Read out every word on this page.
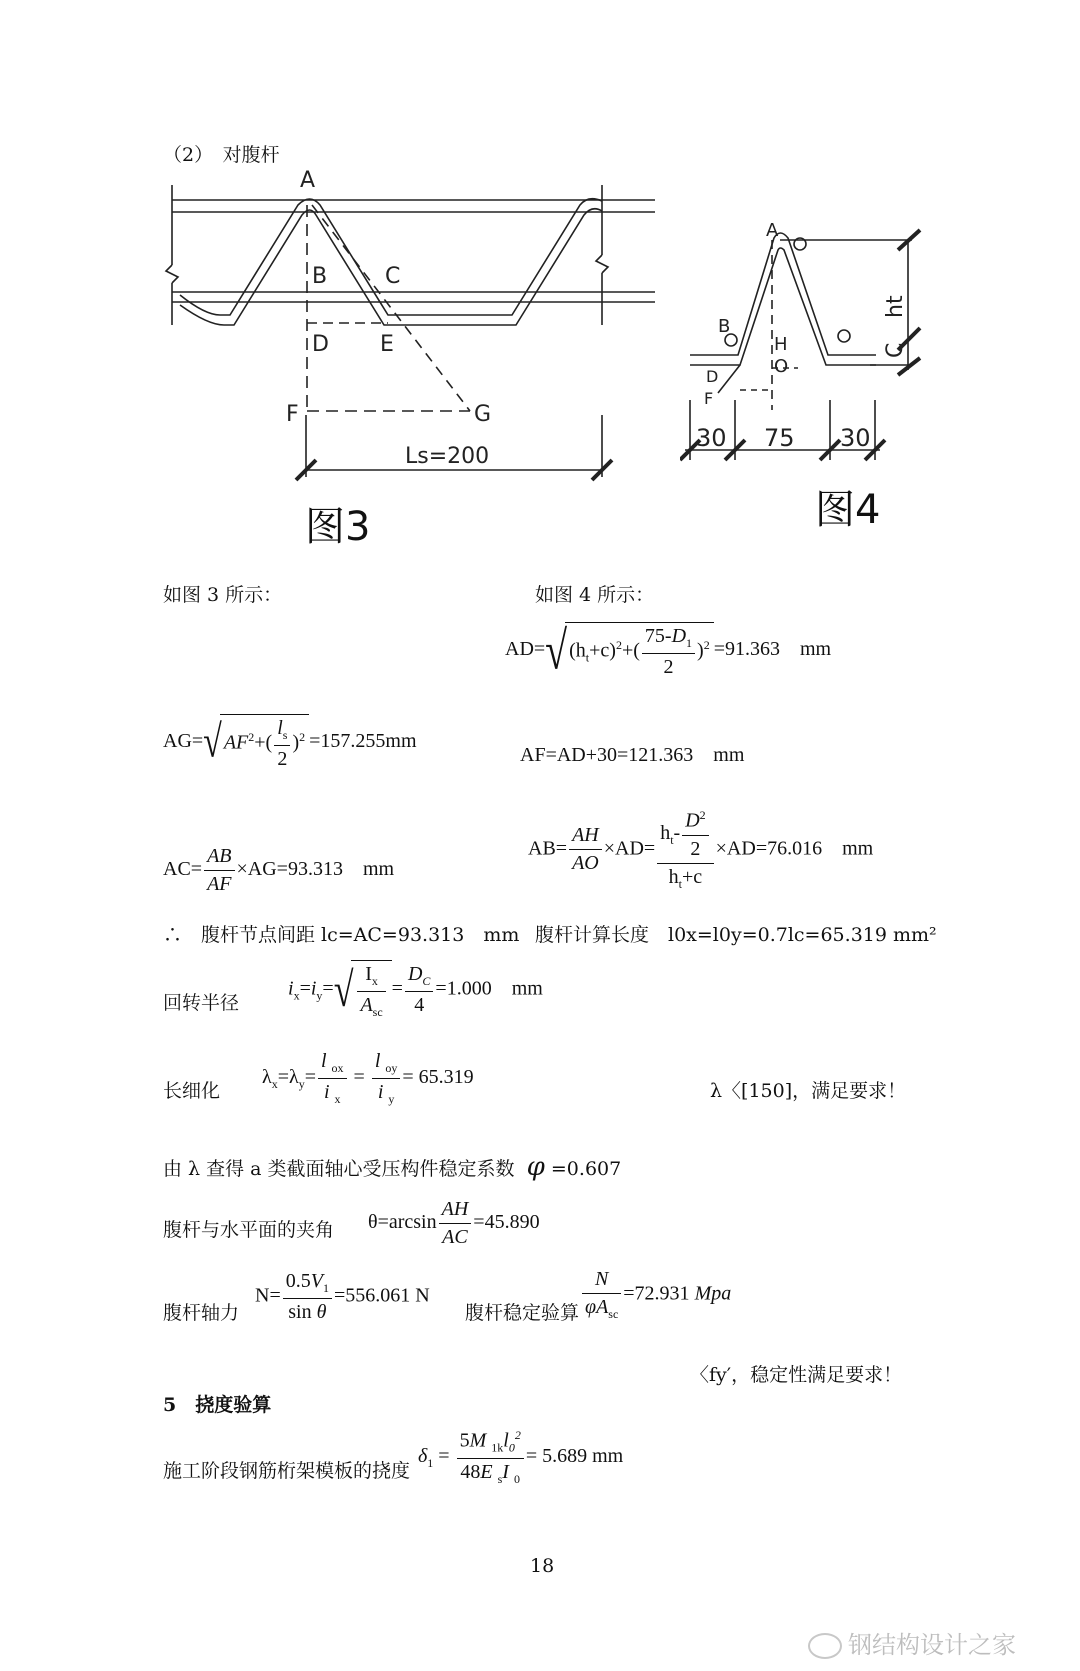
（2）　对腹杆
A
B	C
D E
F	G
Ls=200
图3
A
B
H
O
D
F
ht
C
30 75 30
图4
如图 3 所示：	如图 4 所示：
AD=√ $(h_t+c)^2+( \frac{75-D_1}{2} )^2 =91.363$　mm
AG=√ $AF^2+( \frac{l_s}{2} )^2 =157.255mm$
AF=AD+30=121.363　mm
$AC= \frac{AB}{AF} \times AG=93.313$　mm
$AB= \frac{AH}{AO} \times AD= \frac{h_t- \frac{D^2}{2}}{h_t+c} \times AD=76.016$　mm
∴　腹杆节点间距 lc=AC=93.313　mm 腹杆计算长度　l0x=l0y=0.7lc=65.319 mm²
回转半径
$i_x=i_y=√ \frac{I_x}{A_{sc}} = \frac{D_C}{4} =1.000$　mm
长细化
$\lambda_x=\lambda_y= \frac{l _{ox}}{i _x} = \frac{l _{oy}}{i _y} = 65.319$
λ〈[150]，满足要求！
由 λ 查得 a 类截面轴心受压构件稳定系数 φ =0.607
腹杆与水平面的夹角 $\theta=\arcsin \frac{AH}{AC} =45.890$
腹杆轴力
$N= \frac{0.5V_1}{\text{sin θ}} =556.061$ N
腹杆稳定验算 $\frac{N}{\varphi A_{sc}} =72.931$ Mpa
〈fy′，稳定性满足要求！
5　挠度验算
施工阶段钢筋桁架模板的挠度
$\delta_1 = \frac{5M _{1k}l_0^2}{48E _sI _0} = 5.689$ mm
18
钢结构设计之家
